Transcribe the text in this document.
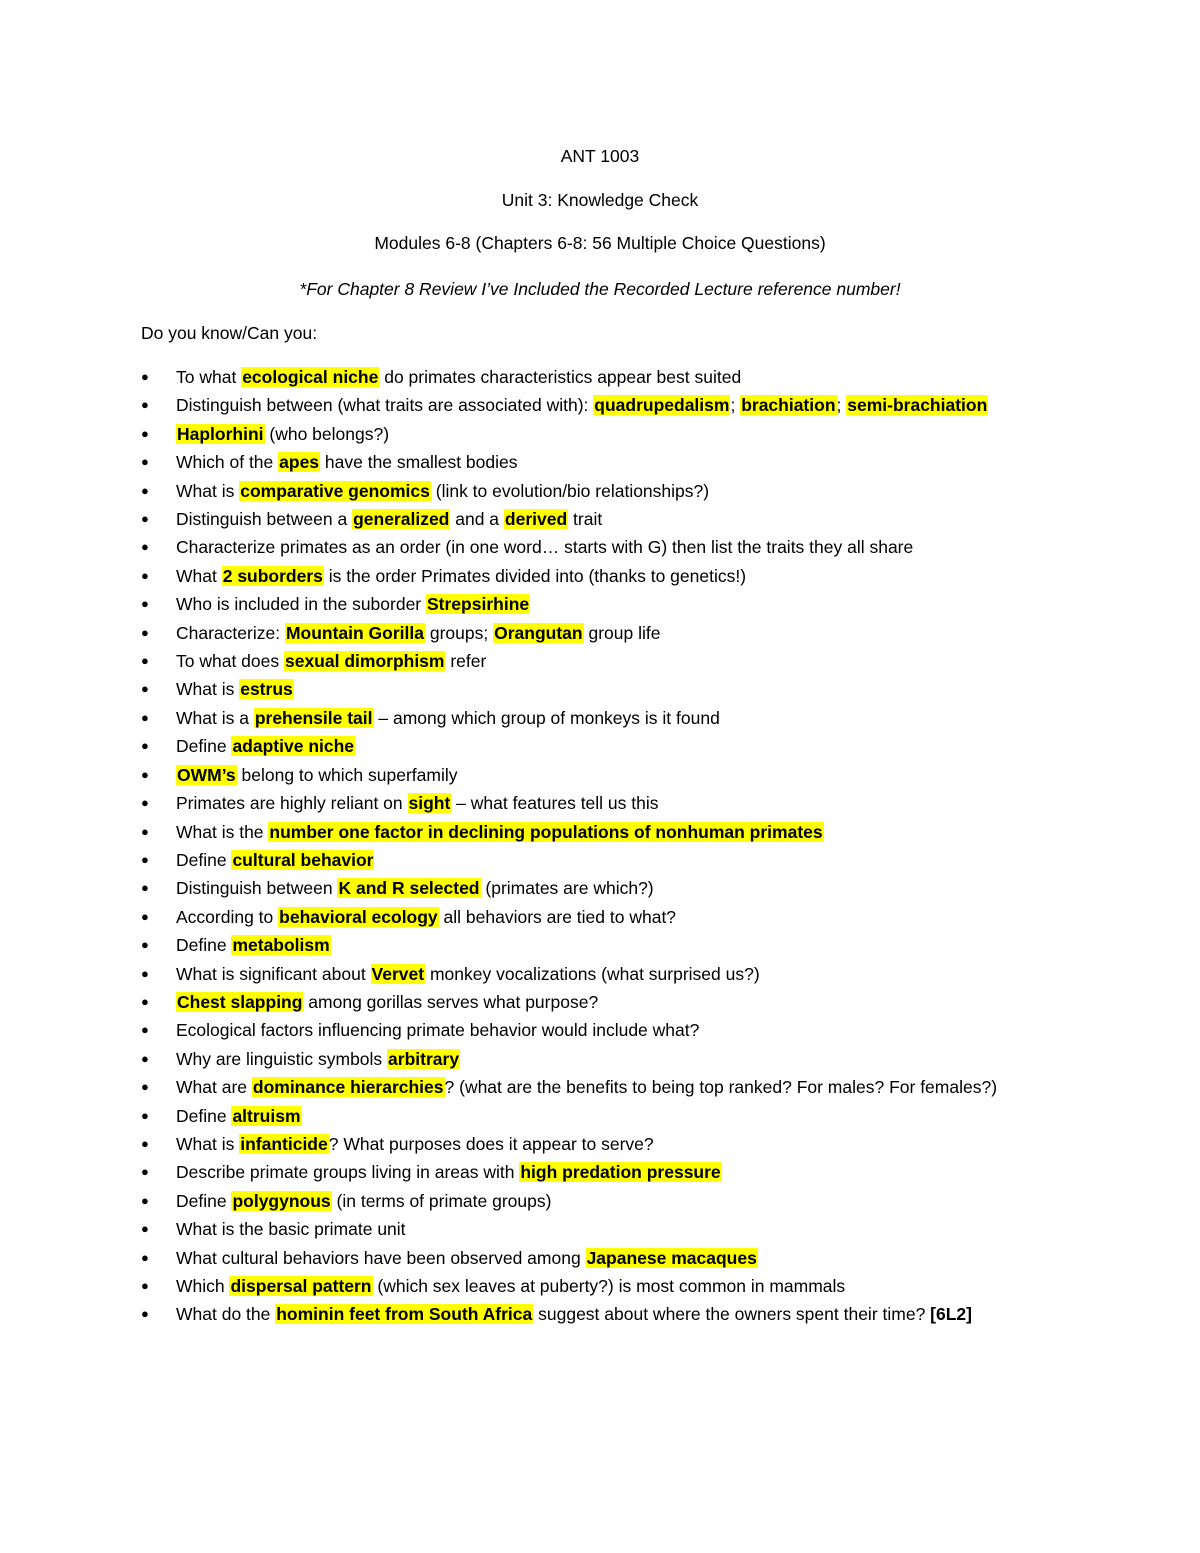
ANT 1003
Unit 3: Knowledge Check
Modules 6-8 (Chapters 6-8: 56 Multiple Choice Questions)
*For Chapter 8 Review I’ve Included the Recorded Lecture reference number!
Do you know/Can you:
●	To what ecological niche do primates characteristics appear best suited
●	Distinguish between (what traits are associated with): quadrupedalism; brachiation; semi-brachiation
●	Haplorhini (who belongs?)
●	Which of the apes have the smallest bodies
●	What is comparative genomics (link to evolution/bio relationships?)
●	Distinguish between a generalized and a derived trait
●	Characterize primates as an order (in one word… starts with G) then list the traits they all share
●	What 2 suborders is the order Primates divided into (thanks to genetics!)
●	Who is included in the suborder Strepsirhine
●	Characterize: Mountain Gorilla groups; Orangutan group life
●	To what does sexual dimorphism refer
●	What is estrus
●	What is a prehensile tail – among which group of monkeys is it found
●	Define adaptive niche
●	OWM’s belong to which superfamily
●	Primates are highly reliant on sight – what features tell us this
●	What is the number one factor in declining populations of nonhuman primates
●	Define cultural behavior
●	Distinguish between K and R selected (primates are which?)
●	According to behavioral ecology all behaviors are tied to what?
●	Define metabolism
●	What is significant about Vervet monkey vocalizations (what surprised us?)
●	Chest slapping among gorillas serves what purpose?
●	Ecological factors influencing primate behavior would include what?
●	Why are linguistic symbols arbitrary
●	What are dominance hierarchies? (what are the benefits to being top ranked? For males? For females?)
●	Define altruism
●	What is infanticide? What purposes does it appear to serve?
●	Describe primate groups living in areas with high predation pressure
●	Define polygynous (in terms of primate groups)
●	What is the basic primate unit
●	What cultural behaviors have been observed among Japanese macaques
●	Which dispersal pattern (which sex leaves at puberty?) is most common in mammals
●	What do the hominin feet from South Africa suggest about where the owners spent their time? [6L2]
